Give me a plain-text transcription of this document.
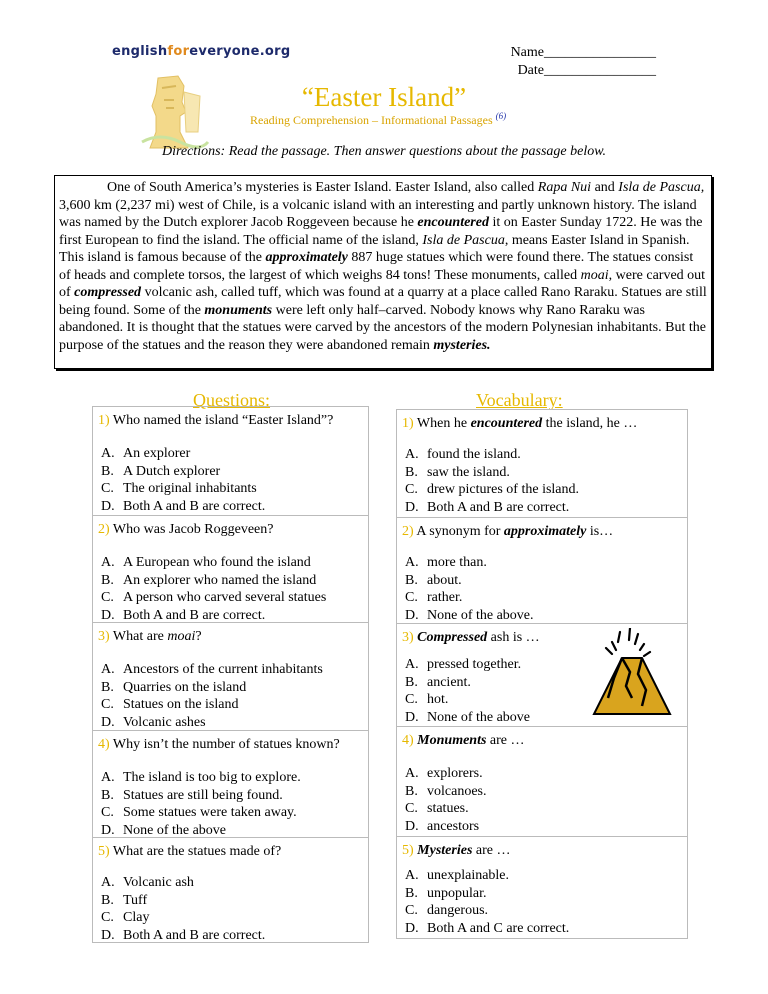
englishforeveryone.org	Name________________
Date________________
“Easter Island”
Reading Comprehension – Informational Passages $^{(6)}$
Directions: Read the passage. Then answer questions about the passage below.

One of South America’s mysteries is Easter Island. Easter Island, also called Rapa Nui and Isla de Pascua, 3,600 km (2,237 mi) west of Chile, is a volcanic island with an interesting and partly unknown history. The island was named by the Dutch explorer Jacob Roggeveen because he encountered it on Easter Sunday 1722. He was the first European to find the island. The official name of the island, Isla de Pascua, means Easter Island in Spanish. This island is famous because of the approximately 887 huge statues which were found there. The statues consist of heads and complete torsos, the largest of which weighs 84 tons! These monuments, called moai, were carved out of compressed volcanic ash, called tuff, which was found at a quarry at a place called Rano Raraku. Statues are still being found. Some of the monuments were left only half–carved. Nobody knows why Rano Raraku was abandoned. It is thought that the statues were carved by the ancestors of the modern Polynesian inhabitants. But the purpose of the statues and the reason they were abandoned remain mysteries.

Questions:	Vocabulary:
1) Who named the island “Easter Island”?
A. An explorer
B. A Dutch explorer
C. The original inhabitants
D. Both A and B are correct.
2) Who was Jacob Roggeveen?
A. A European who found the island
B. An explorer who named the island
C. A person who carved several statues
D. Both A and B are correct.
3) What are moai?
A. Ancestors of the current inhabitants
B. Quarries on the island
C. Statues on the island
D. Volcanic ashes
4) Why isn’t the number of statues known?
A. The island is too big to explore.
B. Statues are still being found.
C. Some statues were taken away.
D. None of the above
5) What are the statues made of?
A. Volcanic ash
B. Tuff
C. Clay
D. Both A and B are correct.
1) When he encountered the island, he …
A. found the island.
B. saw the island.
C. drew pictures of the island.
D. Both A and B are correct.
2) A synonym for approximately is…
A. more than.
B. about.
C. rather.
D. None of the above.
3) Compressed ash is …
A. pressed together.
B. ancient.
C. hot.
D. None of the above
4) Monuments are …
A. explorers.
B. volcanoes.
C. statues.
D. ancestors
5) Mysteries are …
A. unexplainable.
B. unpopular.
C. dangerous.
D. Both A and C are correct.
